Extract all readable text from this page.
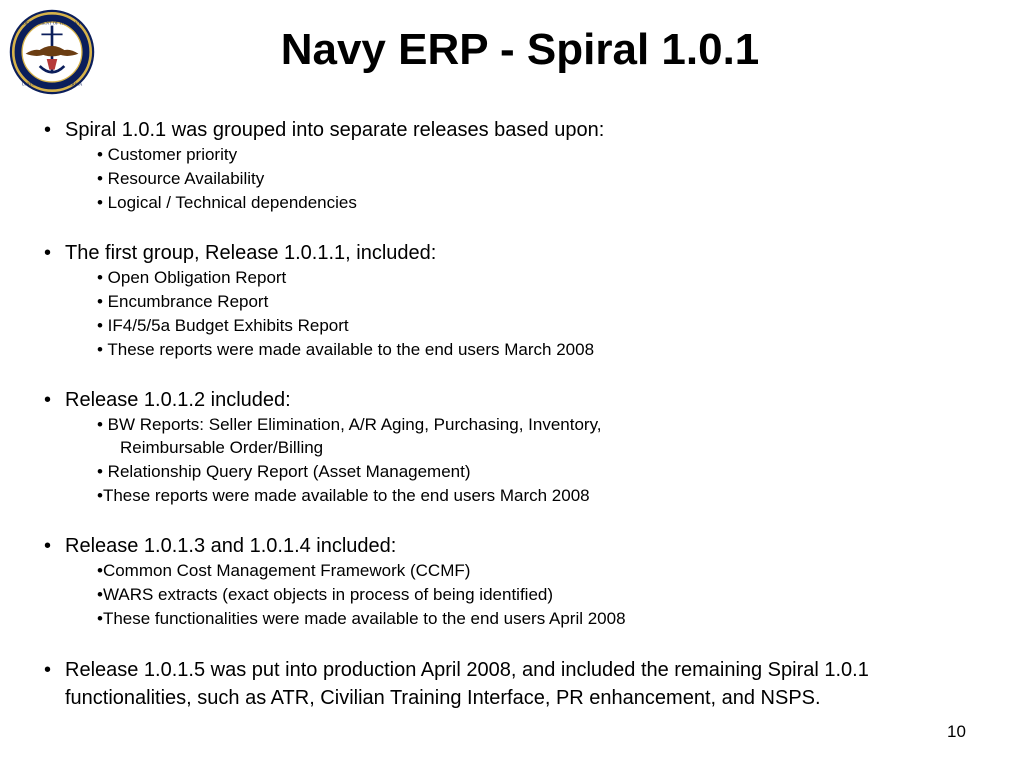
DEPARTMENT OF THE NAVY
UNITED STATES OF AMERICA
Navy ERP - Spiral 1.0.1
• Spiral 1.0.1 was grouped into separate releases based upon:
• Customer priority
• Resource Availability
• Logical / Technical dependencies
• The first group, Release 1.0.1.1, included:
• Open Obligation Report
• Encumbrance Report
• IF4/5/5a Budget Exhibits Report
• These reports were made available to the end users March 2008
• Release 1.0.1.2 included:
• BW Reports: Seller Elimination, A/R Aging, Purchasing, Inventory,
Reimbursable Order/Billing
• Relationship Query Report (Asset Management)
•These reports were made available to the end users March 2008
• Release 1.0.1.3 and 1.0.1.4 included:
•Common Cost Management Framework (CCMF)
•WARS extracts (exact objects in process of being identified)
•These functionalities were made available to the end users April 2008
• Release 1.0.1.5 was put into production April 2008, and included the remaining Spiral 1.0.1
functionalities, such as ATR, Civilian Training Interface, PR enhancement, and NSPS.
10
